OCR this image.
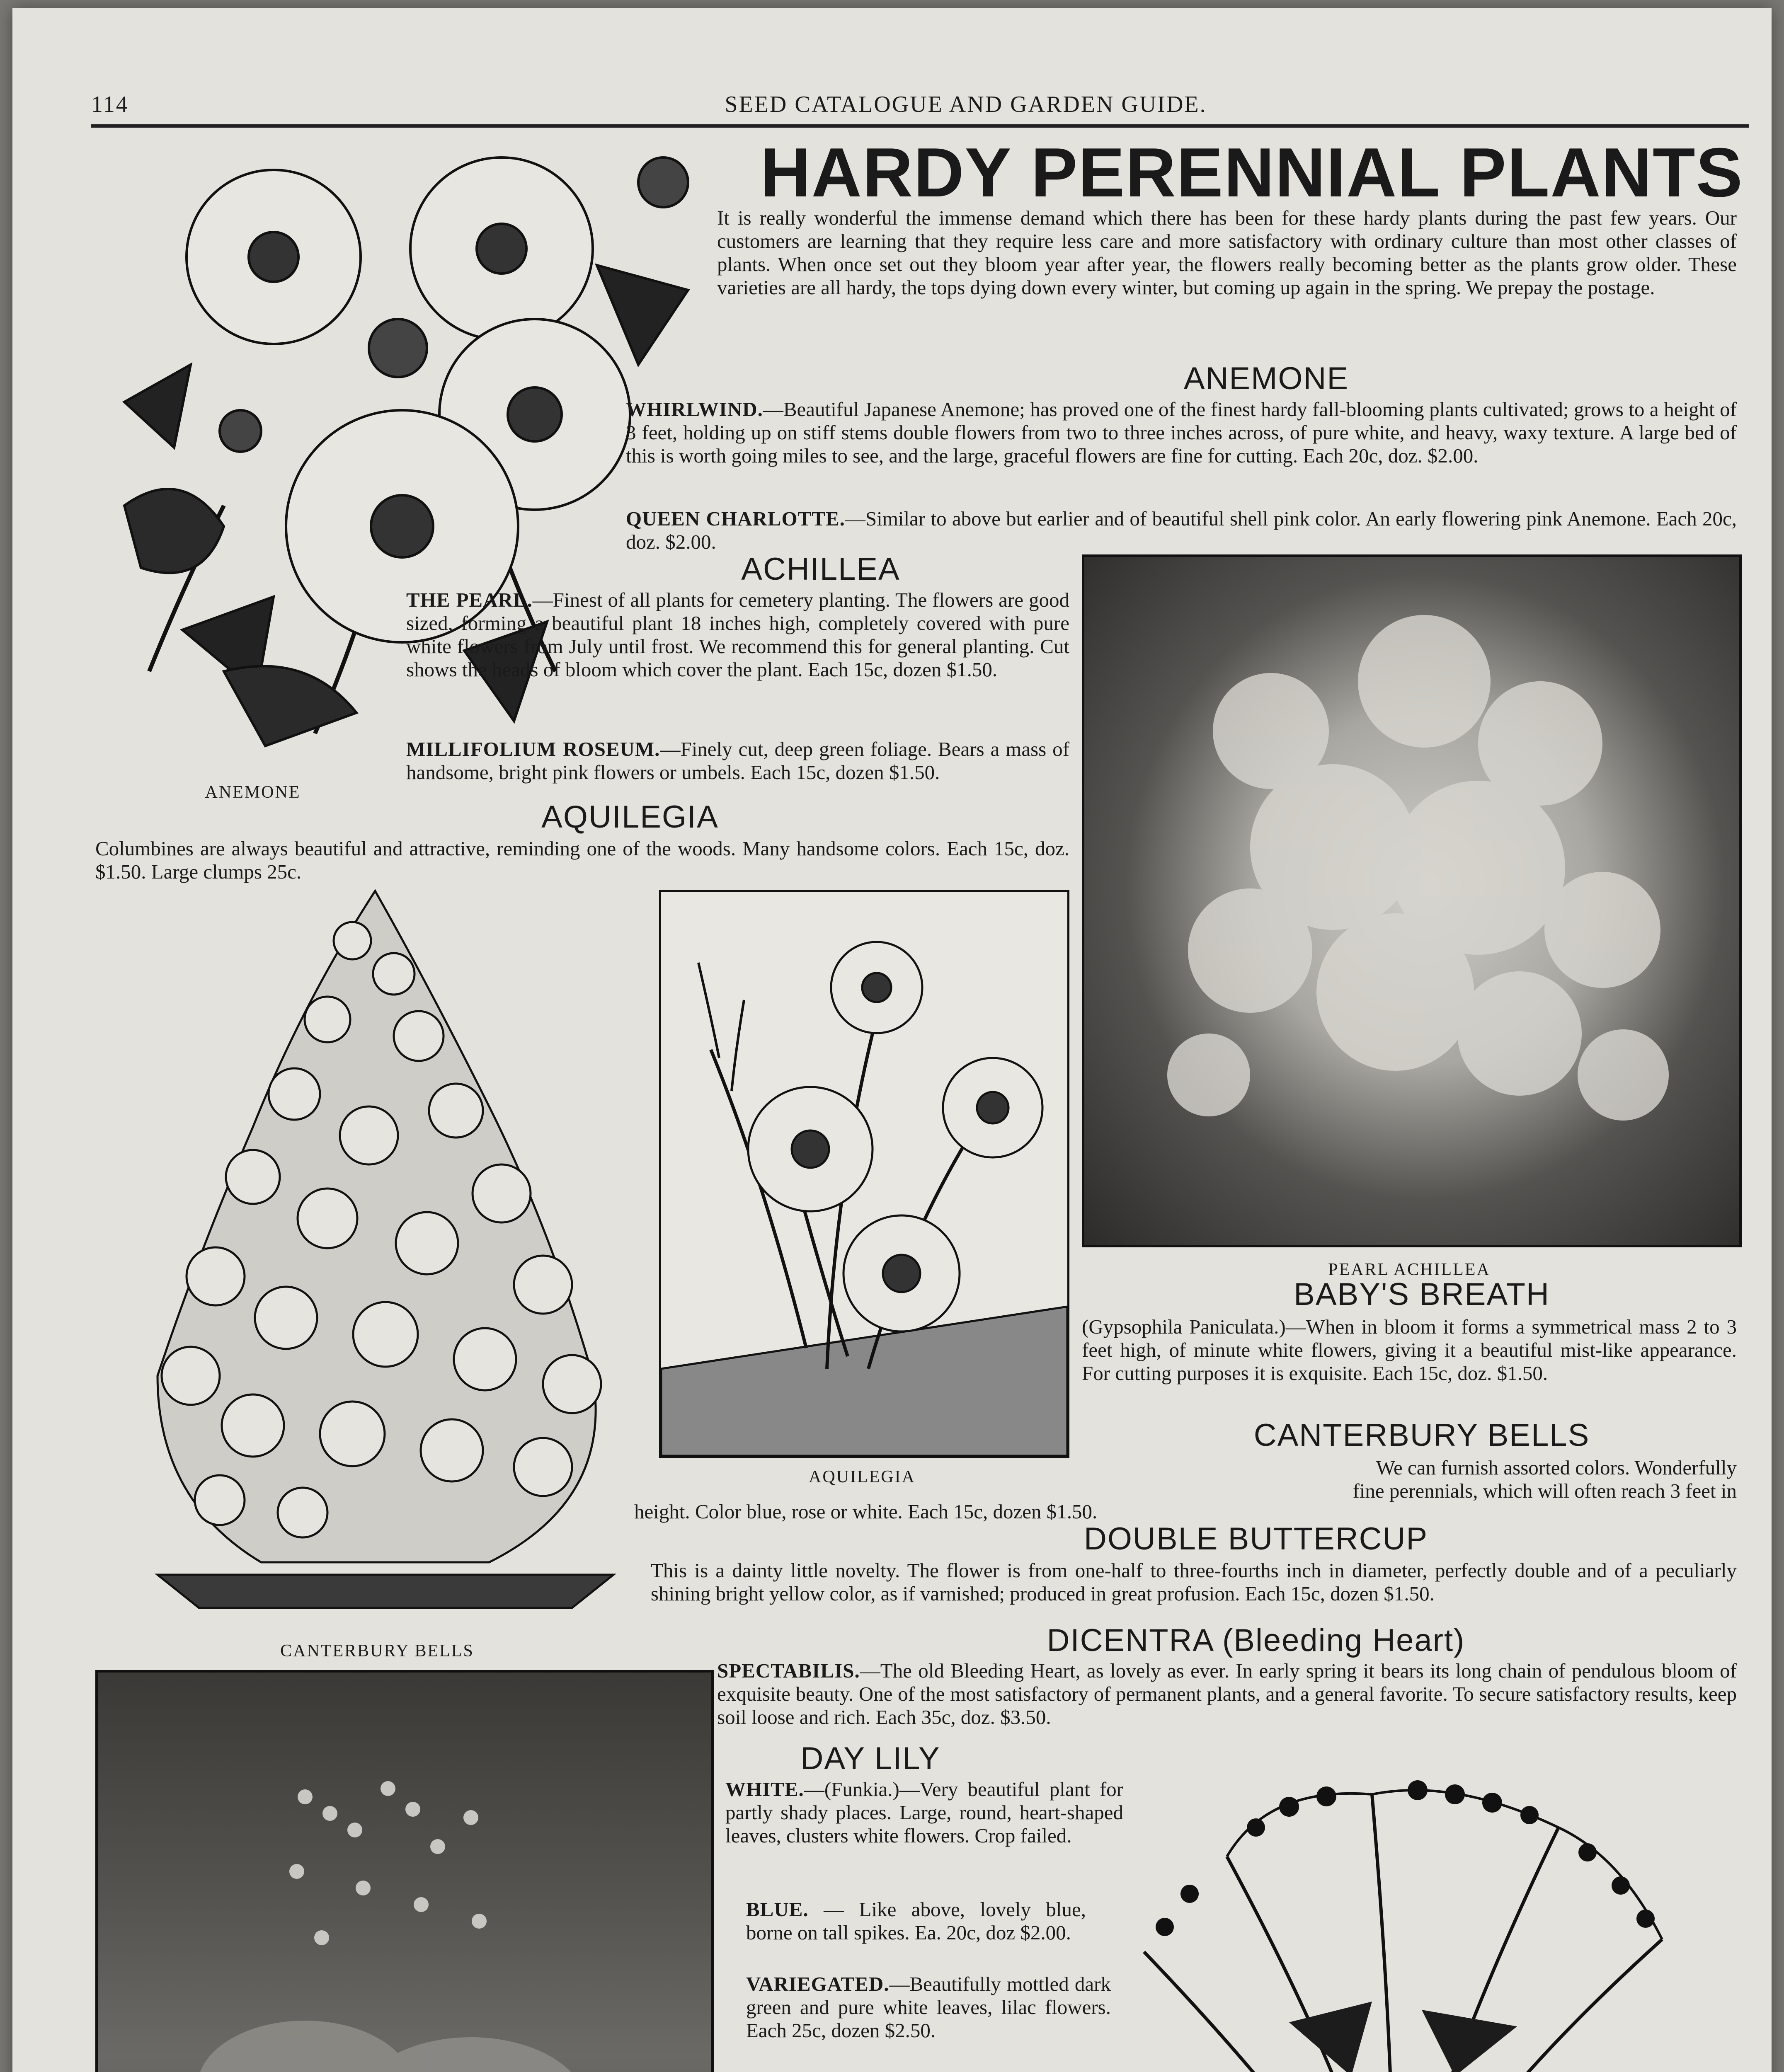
114	SEED CATALOGUE AND GARDEN GUIDE.
ANEMONE
HARDY PERENNIAL PLANTS
It is really wonderful the immense demand which there has been for these hardy plants during the past few years. Our customers are learning that they require less care and more satisfactory with ordinary culture than most other classes of plants. When once set out they bloom year after year, the flowers really becoming better as the plants grow older. These varieties are all hardy, the tops dying down every winter, but coming up again in the spring. We prepay the postage.
ANEMONE
WHIRLWIND.—Beautiful Japanese Anemone; has proved one of the finest hardy fall-blooming plants cultivated; grows to a height of 3 feet, holding up on stiff stems double flowers from two to three inches across, of pure white, and heavy, waxy texture. A large bed of this is worth going miles to see, and the large, graceful flowers are fine for cutting. Each 20c, doz. $2.00.
QUEEN CHARLOTTE.—Similar to above but earlier and of beautiful shell pink color. An early flowering pink Anemone. Each 20c, doz. $2.00.
ACHILLEA
THE PEARL.—Finest of all plants for cemetery planting. The flowers are good sized, forming a beautiful plant 18 inches high, completely covered with pure white flowers from July until frost. We recommend this for general planting. Cut shows the heads of bloom which cover the plant. Each 15c, dozen $1.50.
MILLIFOLIUM ROSEUM.—Finely cut, deep green foliage. Bears a mass of handsome, bright pink flowers or umbels. Each 15c, dozen $1.50.
AQUILEGIA
Columbines are always beautiful and attractive, reminding one of the woods. Many handsome colors. Each 15c, doz. $1.50. Large clumps 25c.
PEARL ACHILLEA
CANTERBURY BELLS
AQUILEGIA
BABY'S BREATH
(Gypsophila Paniculata.)—When in bloom it forms a symmetrical mass 2 to 3 feet high, of minute white flowers, giving it a beautiful mist-like appearance. For cutting purposes it is exquisite. Each 15c, doz. $1.50.
CANTERBURY BELLS
We can furnish assorted colors. Wonderfully
fine perennials, which will often reach 3 feet in
height. Color blue, rose or white. Each 15c, dozen $1.50.
DOUBLE BUTTERCUP
This is a dainty little novelty. The flower is from one-half to three-fourths inch in diameter, perfectly double and of a peculiarly shining bright yellow color, as if varnished; produced in great profusion. Each 15c, dozen $1.50.
DICENTRA (Bleeding Heart)
SPECTABILIS.—The old Bleeding Heart, as lovely as ever. In early spring it bears its long chain of pendulous bloom of exquisite beauty. One of the most satisfactory of permanent plants, and a general favorite. To secure satisfactory results, keep soil loose and rich. Each 35c, doz. $3.50.
DAY LILY
WHITE.—(Funkia.)—Very beautiful plant for partly shady places. Large, round, heart-shaped leaves, clusters white flowers. Crop failed.
BLUE. — Like above, lovely blue, borne on tall spikes. Ea. 20c, doz $2.00.
VARIEGATED.—Beautifully mottled dark green and pure white leaves, lilac flowers. Each 25c, dozen $2.50.
